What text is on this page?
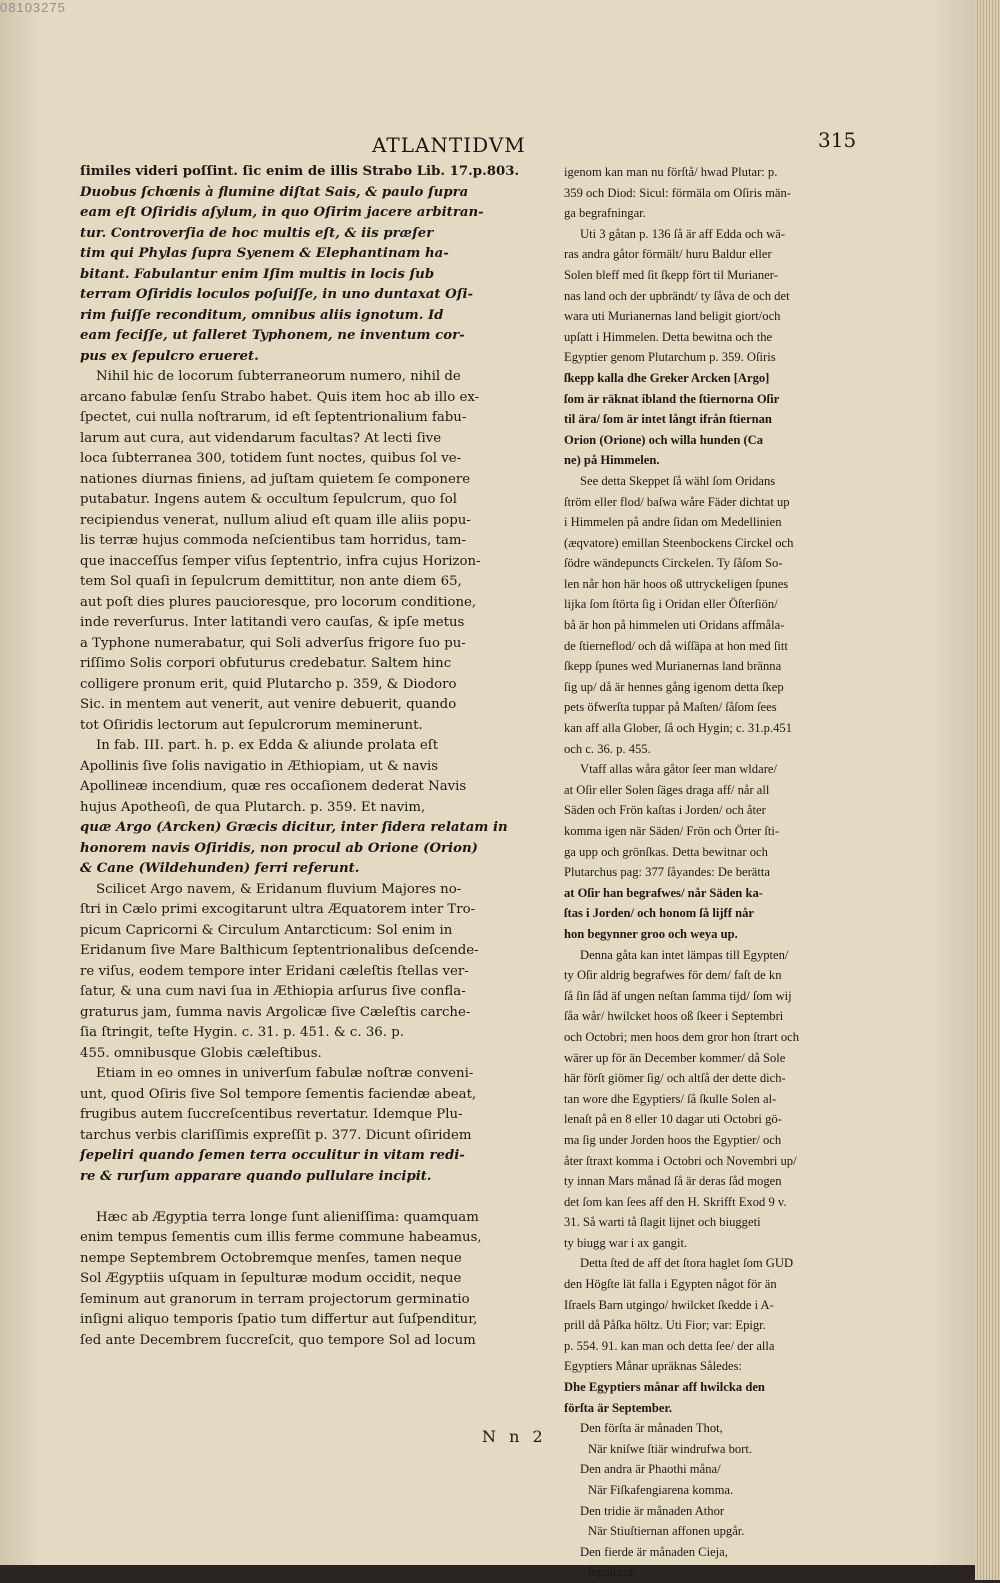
08103275
ATLANTIDVM	315
ſimiles videri poſſint. ſic enim de illis Strabo Lib. 17.p.803.
Duobus ſchœnis à flumine diſtat Sais, & paulo ſupra
eam eſt Oſiridis aſylum, in quo Oſirim jacere arbitran-
tur. Controverſia de hoc multis eſt, & iis præſer
tim qui Phylas ſupra Syenem & Elephantinam ha-
bitant. Fabulantur enim Iſim multis in locis ſub
terram Oſiridis loculos poſuiſſe, in uno duntaxat Oſi-
rim fuiſſe reconditum, omnibus aliis ignotum. Id
eam feciſſe, ut falleret Typhonem, ne inventum cor-
pus ex ſepulcro erueret.
Nihil hic de locorum ſubterraneorum numero, nihil de
arcano fabulæ ſenſu Strabo habet. Quis item hoc ab illo ex-
ſpectet, cui nulla noſtrarum, id eſt ſeptentrionalium fabu-
larum aut cura, aut videndarum facultas? At lecti ſive
loca ſubterranea 300, totidem ſunt noctes, quibus ſol ve-
nationes diurnas finiens, ad juſtam quietem ſe componere
putabatur. Ingens autem & occultum ſepulcrum, quo ſol
recipiendus venerat, nullum aliud eſt quam ille aliis popu-
lis terræ hujus commoda neſcientibus tam horridus, tam-
que inacceſſus ſemper viſus ſeptentrio, infra cujus Horizon-
tem Sol quaſi in ſepulcrum demittitur, non ante diem 65,
aut poſt dies plures paucioresque, pro locorum conditione,
inde reverſurus. Inter latitandi vero cauſas, & ipſe metus
a Typhone numerabatur, qui Soli adverſus frigore ſuo pu-
riſſimo Solis corpori obfuturus credebatur. Saltem hinc
colligere pronum erit, quid Plutarcho p. 359, & Diodoro
Sic. in mentem aut venerit, aut venire debuerit, quando
tot Oſiridis lectorum aut ſepulcrorum meminerunt.
In fab. III. part. h. p. ex Edda & aliunde prolata eſt
Apollinis ſive ſolis navigatio in Æthiopiam, ut & navis
Apollineæ incendium, quæ res occaſionem dederat Navis
hujus Apotheoſi, de qua Plutarch. p. 359. Et navim,
quæ Argo (Arcken) Græcis dicitur, inter ſidera relatam in
honorem navis Oſiridis, non procul ab Orione (Orion)
& Cane (Wildehunden) ferri referunt.
Scilicet Argo navem, & Eridanum fluvium Majores no-
ſtri in Cælo primi excogitarunt ultra Æquatorem inter Tro-
picum Capricorni & Circulum Antarcticum: Sol enim in
Eridanum ſive Mare Balthicum ſeptentrionalibus deſcende-
re viſus, eodem tempore inter Eridani cæleſtis ſtellas ver-
ſatur, & una cum navi ſua in Æthiopia arſurus ſive confla-
graturus jam, ſumma navis Argolicæ ſive Cæleſtis carche-
ſia ſtringit, teſte Hygin. c. 31. p. 451. & c. 36. p.
455. omnibusque Globis cæleſtibus.
Etiam in eo omnes in univerſum fabulæ noſtræ conveni-
unt, quod Oſiris ſive Sol tempore ſementis faciendæ abeat,
frugibus autem ſuccreſcentibus revertatur. Idemque Plu-
tarchus verbis clariſſimis expreſſit p. 377. Dicunt oſiridem
ſepeliri quando ſemen terra occulitur in vitam redi-
re & rurſum apparare quando pullulare incipit.

Hæc ab Ægyptia terra longe ſunt alieniſſima: quamquam
enim tempus ſementis cum illis ferme commune habeamus,
nempe Septembrem Octobremque menſes, tamen neque
Sol Ægyptiis uſquam in ſepulturæ modum occidit, neque
ſeminum aut granorum in terram projectorum germinatio
inſigni aliquo temporis ſpatio tum differtur aut ſuſpenditur,
ſed ante Decembrem ſuccreſcit, quo tempore Sol ad locum
igenom kan man nu förſtå/ hwad Plutar: p.
359 och Diod: Sicul: förmäla om Oſiris män-
ga begrafningar.
Uti 3 gåtan p. 136 ſå är aff Edda och wä-
ras andra gåtor förmält/ huru Baldur eller
Solen bleff med ſit ſkepp fört til Murianer-
nas land och der upbrändt/ ty ſåva de och det
wara uti Murianernas land beligit giort/och
upſatt i Himmelen. Detta bewitna och the
Egyptier genom Plutarchum p. 359. Oſiris
ſkepp kalla dhe Greker Arcken [Argo]
ſom är räknat ibland the ſtiernorna Oſir
til ära/ ſom är intet långt ifrån ſtiernan
Orion (Orione) och willa hunden (Ca
ne) på Himmelen.
See detta Skeppet ſå wähl ſom Oridans
ſtröm eller flod/ baſwa wåre Fäder dichtat up
i Himmelen på andre ſidan om Medellinien
(æqvatore) emillan Steenbockens Circkel och
ſödre wändepuncts Circkelen. Ty ſåſom So-
len når hon här hoos oß uttryckeligen ſpunes
lijka ſom ſtörta ſig i Oridan eller Öſterſiön/
bå är hon på himmelen uti Oridans affmåla-
de ſtierneflod/ och då wiſſäpa at hon med ſitt
ſkepp ſpunes wed Murianernas land bränna
ſig up/ då är hennes gång igenom detta ſkep
pets öfwerſta tuppar på Maſten/ ſåſom ſees
kan aff alla Glober, ſå och Hygin; c. 31.p.451
och c. 36. p. 455.
Vtaff allas wåra gåtor ſeer man wldare/
at Oſir eller Solen ſäges draga aff/ når all
Säden och Frön kaſtas i Jorden/ och åter
komma igen när Säden/ Frön och Örter ſti-
ga upp och grönſkas. Detta bewitnar och
Plutarchus pag: 377 ſåyandes: De berätta
at Oſir han begrafwes/ når Säden ka-
ſtas i Jorden/ och honom ſå lijff når
hon begynner groo och weya up.
Denna gåta kan intet lämpas till Egypten/
ty Oſir aldrig begrafwes för dem/ faſt de kn
ſå ſin ſåd äf ungen neſtan ſamma tijd/ ſom wij
ſåa wår/ hwilcket hoos oß ſkeer i Septembri
och Octobri; men hoos dem gror hon ſtrart och
wärer up för än December kommer/ då Sole
här förſt giömer ſig/ och altſå der dette dich-
tan wore dhe Egyptiers/ ſå ſkulle Solen al-
lenaſt på en 8 eller 10 dagar uti Octobri gö-
ma ſig under Jorden hoos the Egyptier/ och
åter ſtraxt komma i Octobri och Novembri up/
ty innan Mars månad ſå är deras ſåd mogen
det ſom kan ſees aff den H. Skrifft Exod 9 v.
31. Så warti tå ſlagit lijnet och biuggeti
ty biugg war i ax gangit.
Detta ſted de aff det ſtora haglet ſom GUD
den Högſte lät falla i Egypten något för än
Iſraels Barn utgingo/ hwilcket ſkedde i A-
prill då Påſka höltz. Uti Fior; var: Epigr.
p. 554. 91. kan man och detta ſee/ der alla
Egyptiers Månar upräknas Således:
Dhe Egyptiers månar aff hwilcka den
förſta är September.
Den förſta är månaden Thot,
När kniſwe ſtiär windrufwa bort.
Den andra är Phaothi måna/
När Fiſkafengiarena komma.
Den tridie är månaden Athor
När Stiuſtiernan affonen upgår.
Den fierde är månaden Cieja,
ſepulturæ
N n 2
